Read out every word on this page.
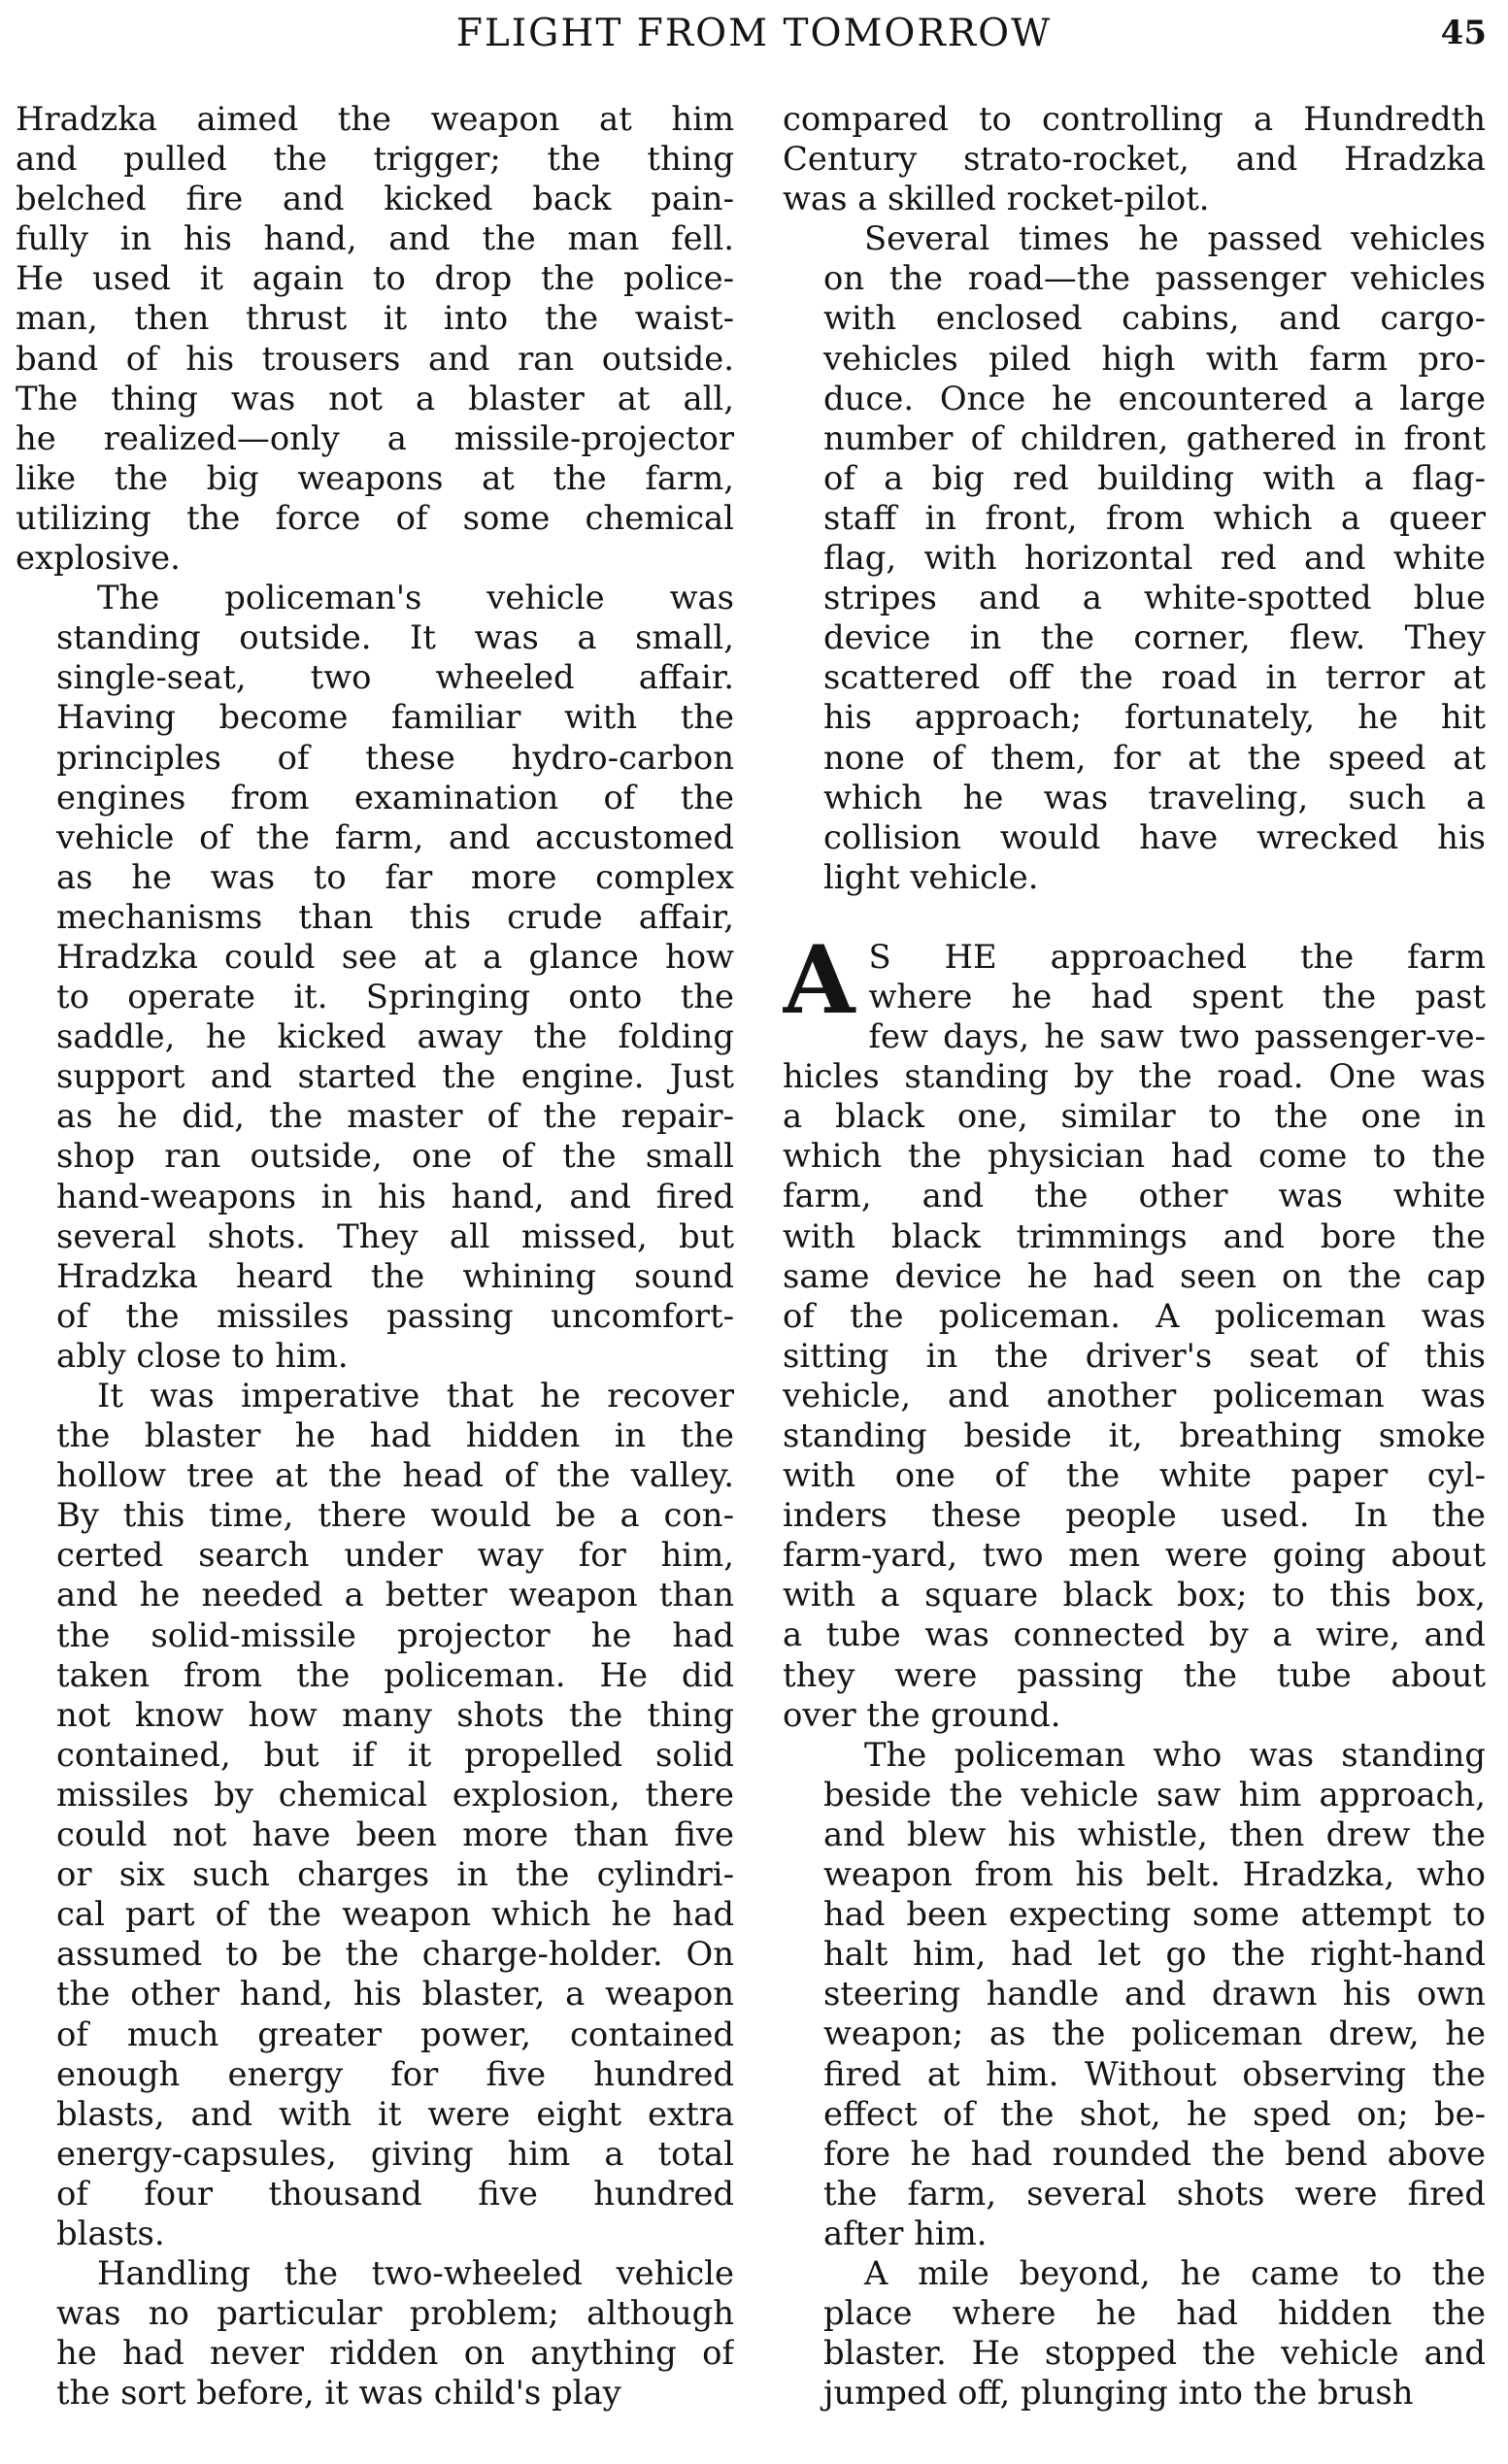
FLIGHT FROM TOMORROW	45
Hradzka aimed the weapon at him
and pulled the trigger; the thing
belched fire and kicked back pain-
fully in his hand, and the man fell.
He used it again to drop the police-
man, then thrust it into the waist-
band of his trousers and ran outside.
The thing was not a blaster at all,
he realized—only a missile-projector
like the big weapons at the farm,
utilizing the force of some chemical
explosive.
The policeman's vehicle was
standing outside. It was a small,
single-seat, two wheeled affair.
Having become familiar with the
principles of these hydro-carbon
engines from examination of the
vehicle of the farm, and accustomed
as he was to far more complex
mechanisms than this crude affair,
Hradzka could see at a glance how
to operate it. Springing onto the
saddle, he kicked away the folding
support and started the engine. Just
as he did, the master of the repair-
shop ran outside, one of the small
hand-weapons in his hand, and fired
several shots. They all missed, but
Hradzka heard the whining sound
of the missiles passing uncomfort-
ably close to him.
It was imperative that he recover
the blaster he had hidden in the
hollow tree at the head of the valley.
By this time, there would be a con-
certed search under way for him,
and he needed a better weapon than
the solid-missile projector he had
taken from the policeman. He did
not know how many shots the thing
contained, but if it propelled solid
missiles by chemical explosion, there
could not have been more than five
or six such charges in the cylindri-
cal part of the weapon which he had
assumed to be the charge-holder. On
the other hand, his blaster, a weapon
of much greater power, contained
enough energy for five hundred
blasts, and with it were eight extra
energy-capsules, giving him a total
of four thousand five hundred
blasts.
Handling the two-wheeled vehicle
was no particular problem; although
he had never ridden on anything of
the sort before, it was child's play
compared to controlling a Hundredth
Century strato-rocket, and Hradzka
was a skilled rocket-pilot.
Several times he passed vehicles
on the road—the passenger vehicles
with enclosed cabins, and cargo-
vehicles piled high with farm pro-
duce. Once he encountered a large
number of children, gathered in front
of a big red building with a flag-
staff in front, from which a queer
flag, with horizontal red and white
stripes and a white-spotted blue
device in the corner, flew. They
scattered off the road in terror at
his approach; fortunately, he hit
none of them, for at the speed at
which he was traveling, such a
collision would have wrecked his
light vehicle.
A S HE approached the farm
where he had spent the past
few days, he saw two passenger-ve-
hicles standing by the road. One was
a black one, similar to the one in
which the physician had come to the
farm, and the other was white
with black trimmings and bore the
same device he had seen on the cap
of the policeman. A policeman was
sitting in the driver's seat of this
vehicle, and another policeman was
standing beside it, breathing smoke
with one of the white paper cyl-
inders these people used. In the
farm-yard, two men were going about
with a square black box; to this box,
a tube was connected by a wire, and
they were passing the tube about
over the ground.
The policeman who was standing
beside the vehicle saw him approach,
and blew his whistle, then drew the
weapon from his belt. Hradzka, who
had been expecting some attempt to
halt him, had let go the right-hand
steering handle and drawn his own
weapon; as the policeman drew, he
fired at him. Without observing the
effect of the shot, he sped on; be-
fore he had rounded the bend above
the farm, several shots were fired
after him.
A mile beyond, he came to the
place where he had hidden the
blaster. He stopped the vehicle and
jumped off, plunging into the brush
